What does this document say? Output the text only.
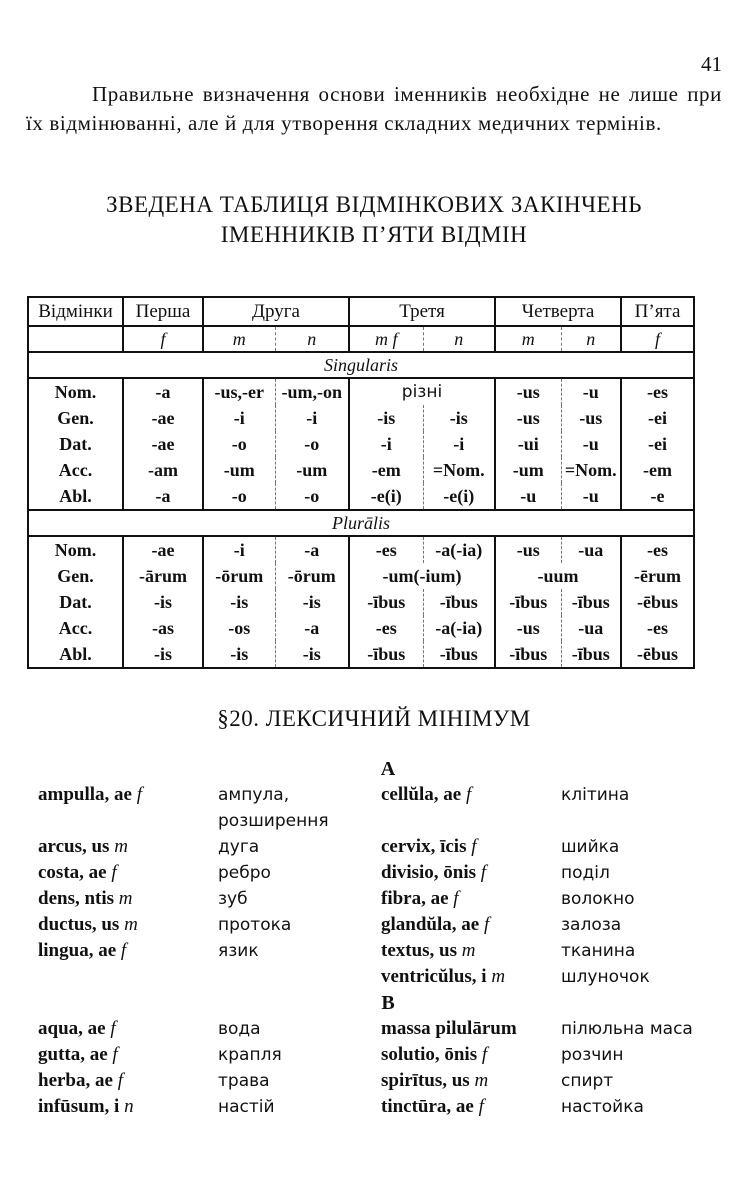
41
Правильне визначення основи іменників необхідне не лише при їх відмінюванні, але й для утворення складних медичних термінів.
ЗВЕДЕНА ТАБЛИЦЯ ВІДМІНКОВИХ ЗАКІНЧЕНЬ
ІМЕННИКІВ П’ЯТИ ВІДМІН
Відмінки	Перша	Друга		Третя		Четверта		П’ята
	f	m	n	m f	n	m	n	f
Singularis								
Nom.	-a	-us,-er	-um,-on	різні		-us	-u	-es
Gen.	-ae	-i	-i	-is	-is	-us	-us	-ei
Dat.	-ae	-o	-o	-i	-i	-ui	-u	-ei
Acc.	-am	-um	-um	-em	=Nom.	-um	=Nom.	-em
Abl.	-a	-o	-o	-e(i)	-e(i)	-u	-u	-e
Plurālis								
Nom.	-ae	-i	-a	-es	-a(-ia)	-us	-ua	-es
Gen.	-ārum	-ōrum	-ōrum	-um(-ium)		-uum		-ērum
Dat.	-is	-is	-is	-ībus	-ībus	-ībus	-ībus	-ēbus
Acc.	-as	-os	-a	-es	-a(-ia)	-us	-ua	-es
Abl.	-is	-is	-is	-ībus	-ībus	-ībus	-ībus	-ēbus
§20. ЛЕКСИЧНИЙ МІНІМУМ
А			
ampulla, ae f	ампула, розширення	cellŭla, ae f	клітина
arcus, us m	дуга	cervix, īcis f	шийка
costa, ae f	ребро	divisio, ōnis f	поділ
dens, ntis m	зуб	fibra, ae f	волокно
ductus, us m	протока	glandŭla, ae f	залоза
lingua, ae f	язик	textus, us m	тканина
		ventricŭlus, i m	шлуночок
В			
aqua, ae f	вода	massa pilulārum	пілюльна маса
gutta, ae f	крапля	solutio, ōnis f	розчин
herba, ae f	трава	spirītus, us m	спирт
infūsum, i n	настій	tinctūra, ae f	настойка
